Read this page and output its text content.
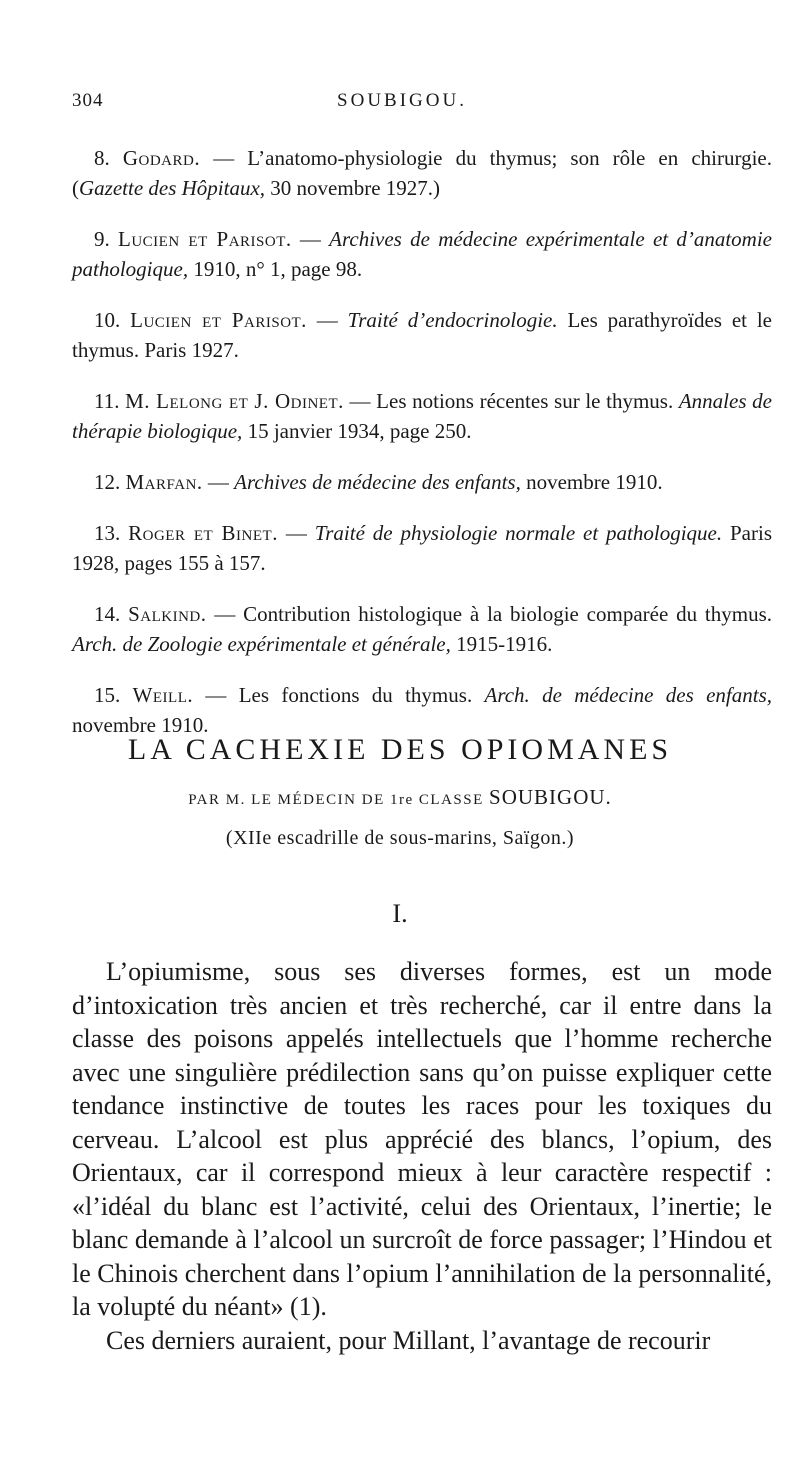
304	SOUBIGOU.

8. Godard. — L’anatomo-physiologie du thymus; son rôle en chirurgie. (Gazette des Hôpitaux, 30 novembre 1927.)

9. Lucien et Parisot. — Archives de médecine expérimentale et d’anatomie pathologique, 1910, n° 1, page 98.

10. Lucien et Parisot. — Traité d’endocrinologie. Les parathyroïdes et le thymus. Paris 1927.

11. M. Lelong et J. Odinet. — Les notions récentes sur le thymus. Annales de thérapie biologique, 15 janvier 1934, page 250.

12. Marfan. — Archives de médecine des enfants, novembre 1910.

13. Roger et Binet. — Traité de physiologie normale et pathologique. Paris 1928, pages 155 à 157.

14. Salkind. — Contribution histologique à la biologie comparée du thymus. Arch. de Zoologie expérimentale et générale, 1915-1916.

15. Weill. — Les fonctions du thymus. Arch. de médecine des enfants, novembre 1910.

LA CACHEXIE DES OPIOMANES
PAR M. LE MÉDECIN DE 1re CLASSE SOUBIGOU.
(XIIe escadrille de sous-marins, Saïgon.)
I.

L’opiumisme, sous ses diverses formes, est un mode d’intoxication très ancien et très recherché, car il entre dans la classe des poisons appelés intellectuels que l’homme recherche avec une singulière prédilection sans qu’on puisse expliquer cette tendance instinctive de toutes les races pour les toxiques du cerveau. L’alcool est plus apprécié des blancs, l’opium, des Orientaux, car il correspond mieux à leur caractère respectif : «l’idéal du blanc est l’activité, celui des Orientaux, l’inertie; le blanc demande à l’alcool un surcroît de force passager; l’Hindou et le Chinois cherchent dans l’opium l’annihilation de la personnalité, la volupté du néant» (1).

Ces derniers auraient, pour Millant, l’avantage de recourir
